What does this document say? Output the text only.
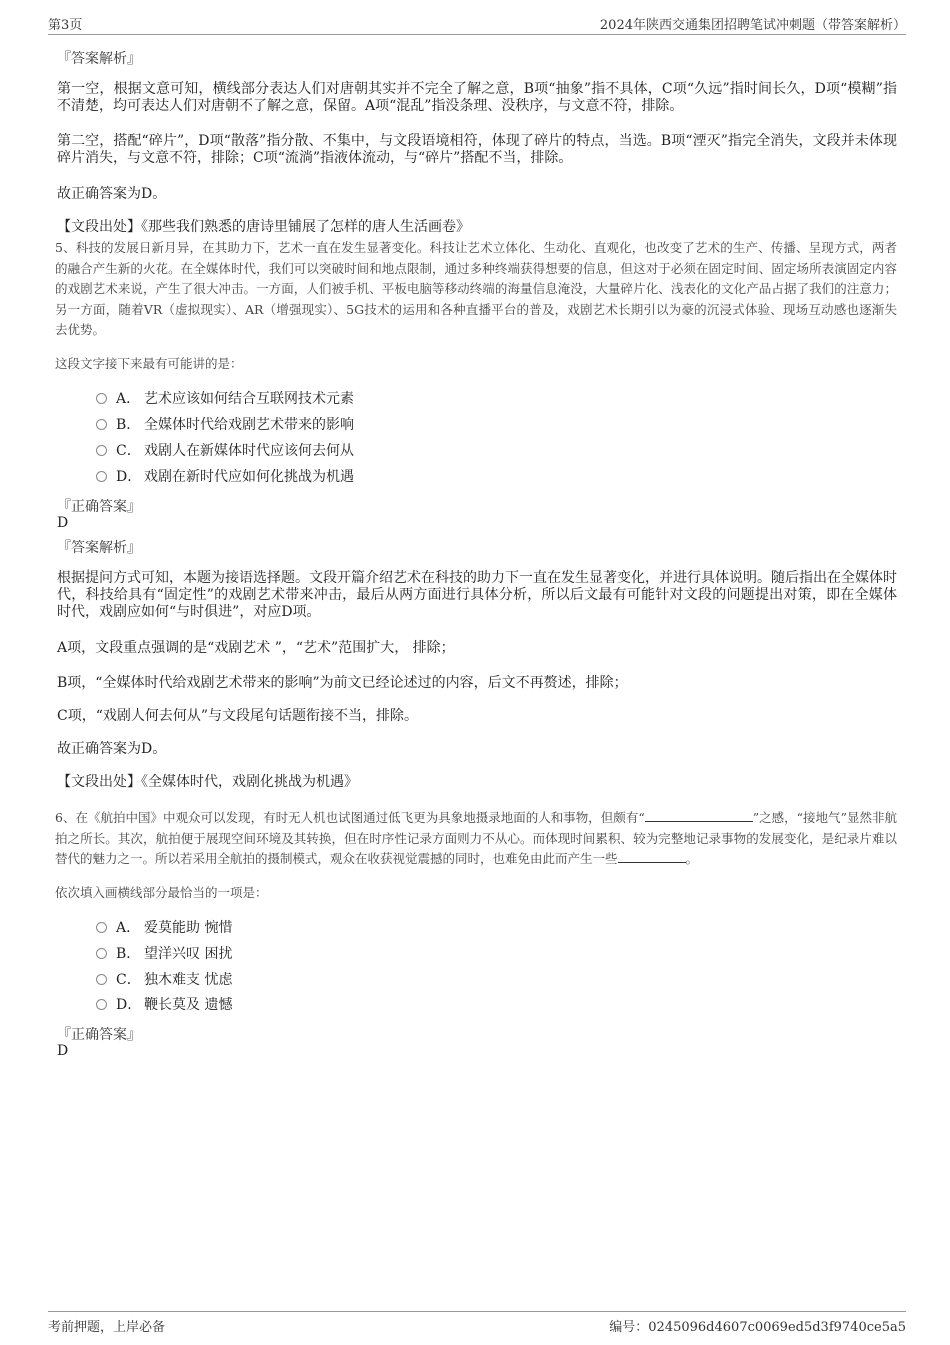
第3页	2024年陕西交通集团招聘笔试冲刺题（带答案解析）
『答案解析』
第一空，根据文意可知，横线部分表达人们对唐朝其实并不完全了解之意，B项“抽象”指不具体，C项“久远”指时间长久，D项“模糊”指不清楚，均可表达人们对唐朝不了解之意，保留。A项“混乱”指没条理、没秩序，与文意不符，排除。
第二空，搭配“碎片”，D项“散落”指分散、不集中，与文段语境相符，体现了碎片的特点，当选。B项“湮灭”指完全消失，文段并未体现碎片消失，与文意不符，排除；C项“流淌”指液体流动，与“碎片”搭配不当，排除。
故正确答案为D。
【文段出处】《那些我们熟悉的唐诗里铺展了怎样的唐人生活画卷》
5、科技的发展日新月异，在其助力下，艺术一直在发生显著变化。科技让艺术立体化、生动化、直观化，也改变了艺术的生产、传播、呈现方式，两者的融合产生新的火花。在全媒体时代，我们可以突破时间和地点限制，通过多种终端获得想要的信息，但这对于必须在固定时间、固定场所表演固定内容的戏剧艺术来说，产生了很大冲击。一方面，人们被手机、平板电脑等移动终端的海量信息淹没，大量碎片化、浅表化的文化产品占据了我们的注意力；另一方面，随着VR（虚拟现实）、AR（增强现实）、5G技术的运用和各种直播平台的普及，戏剧艺术长期引以为豪的沉浸式体验、现场互动感也逐渐失去优势。
这段文字接下来最有可能讲的是：
A． 艺术应该如何结合互联网技术元素
B． 全媒体时代给戏剧艺术带来的影响
C． 戏剧人在新媒体时代应该何去何从
D． 戏剧在新时代应如何化挑战为机遇
『正确答案』
D
『答案解析』
根据提问方式可知，本题为接语选择题。文段开篇介绍艺术在科技的助力下一直在发生显著变化，并进行具体说明。随后指出在全媒体时代，科技给具有“固定性”的戏剧艺术带来冲击，最后从两方面进行具体分析，所以后文最有可能针对文段的问题提出对策，即在全媒体时代，戏剧应如何“与时俱进”，对应D项。
A项，文段重点强调的是“戏剧艺术 ”，“艺术”范围扩大， 排除；
B项，“全媒体时代给戏剧艺术带来的影响”为前文已经论述过的内容，后文不再赘述，排除；
C项，“戏剧人何去何从”与文段尾句话题衔接不当，排除。
故正确答案为D。
【文段出处】《全媒体时代，戏剧化挑战为机遇》
6、在《航拍中国》中观众可以发现，有时无人机也试图通过低飞更为具象地摄录地面的人和事物，但颇有“	”之感，“接地气”显然非航拍之所长。其次，航拍便于展现空间环境及其转换，但在时序性记录方面则力不从心。而体现时间累积、较为完整地记录事物的发展变化，是纪录片难以替代的魅力之一。所以若采用全航拍的摄制模式，观众在收获视觉震撼的同时，也难免由此而产生一些	。
依次填入画横线部分最恰当的一项是：
A． 爱莫能助 惋惜
B． 望洋兴叹 困扰
C． 独木难支 忧虑
D． 鞭长莫及 遗憾
『正确答案』
D
考前押题，上岸必备	编号：0245096d4607c0069ed5d3f9740ce5a5
